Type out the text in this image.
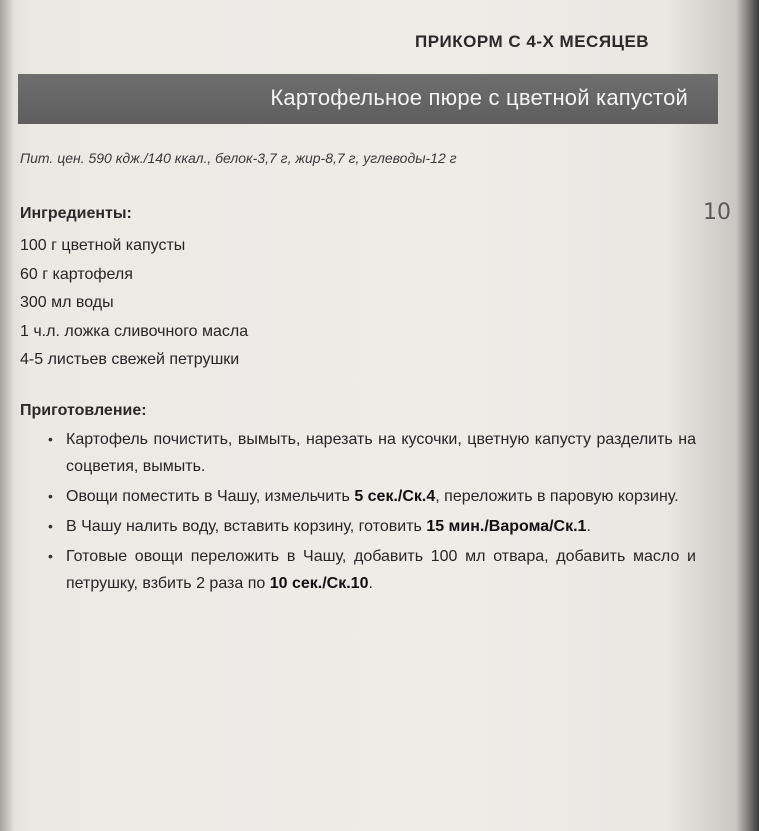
ПРИКОРМ С 4-Х МЕСЯЦЕВ
Картофельное пюре с цветной капустой
Пит. цен. 590 кдж./140 ккал., белок-3,7 г, жир-8,7 г, углеводы-12 г
10
Ингредиенты:
100 г цветной капусты
60 г картофеля
300 мл воды
1 ч.л. ложка сливочного масла
4-5 листьев свежей петрушки
Приготовление:
• Картофель почистить, вымыть, нарезать на кусочки, цветную капусту разделить на соцветия, вымыть.
• Овощи поместить в Чашу, измельчить 5 сек./Ск.4, переложить в паровую корзину.
• В Чашу налить воду, вставить корзину, готовить 15 мин./Варома/Ск.1.
• Готовые овощи переложить в Чашу, добавить 100 мл отвара, добавить масло и петрушку, взбить 2 раза по 10 сек./Ск.10.
